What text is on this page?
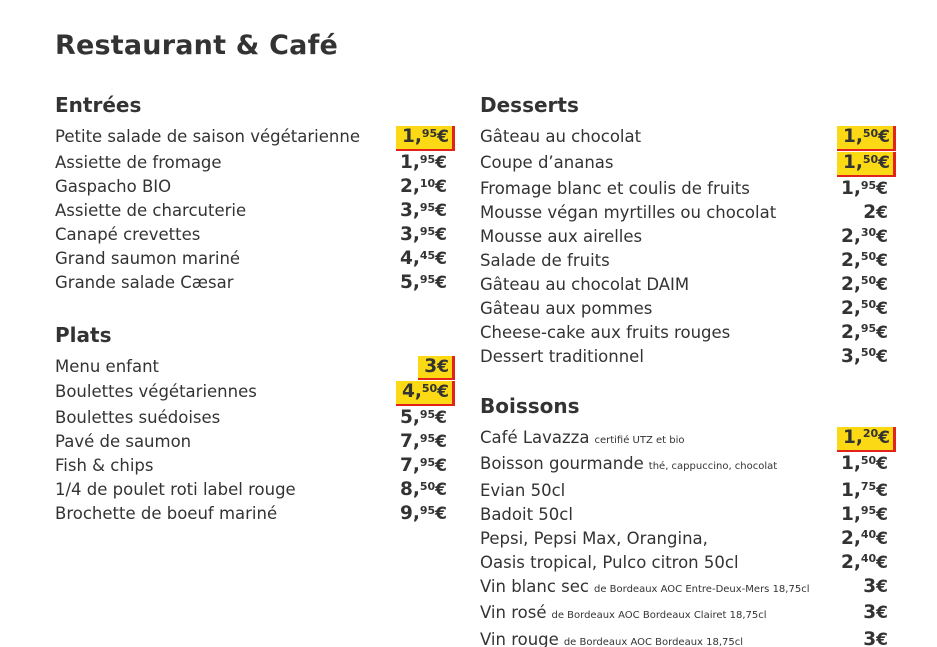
Restaurant & Café
Entrées
Petite salade de saison végétarienne	1,95€
Assiette de fromage	1,95€
Gaspacho BIO	2,10€
Assiette de charcuterie	3,95€
Canapé crevettes	3,95€
Grand saumon mariné	4,45€
Grande salade Cæsar	5,95€
Plats
Menu enfant	3€
Boulettes végétariennes	4,50€
Boulettes suédoises	5,95€
Pavé de saumon	7,95€
Fish & chips	7,95€
1/4 de poulet roti label rouge	8,50€
Brochette de boeuf mariné	9,95€
Desserts
Gâteau au chocolat	1,50€
Coupe d’ananas	1,50€
Fromage blanc et coulis de fruits	1,95€
Mousse végan myrtilles ou chocolat	2€
Mousse aux airelles	2,30€
Salade de fruits	2,50€
Gâteau au chocolat DAIM	2,50€
Gâteau aux pommes	2,50€
Cheese-cake aux fruits rouges	2,95€
Dessert traditionnel	3,50€
Boissons
Café Lavazza certifié UTZ et bio	1,20€
Boisson gourmande thé, cappuccino, chocolat	1,50€
Evian 50cl	1,75€
Badoit 50cl	1,95€
Pepsi, Pepsi Max, Orangina,	2,40€
Oasis tropical, Pulco citron 50cl	2,40€
Vin blanc sec de Bordeaux AOC Entre-Deux-Mers 18,75cl	3€
Vin rosé de Bordeaux AOC Bordeaux Clairet 18,75cl	3€
Vin rouge de Bordeaux AOC Bordeaux 18,75cl	3€
